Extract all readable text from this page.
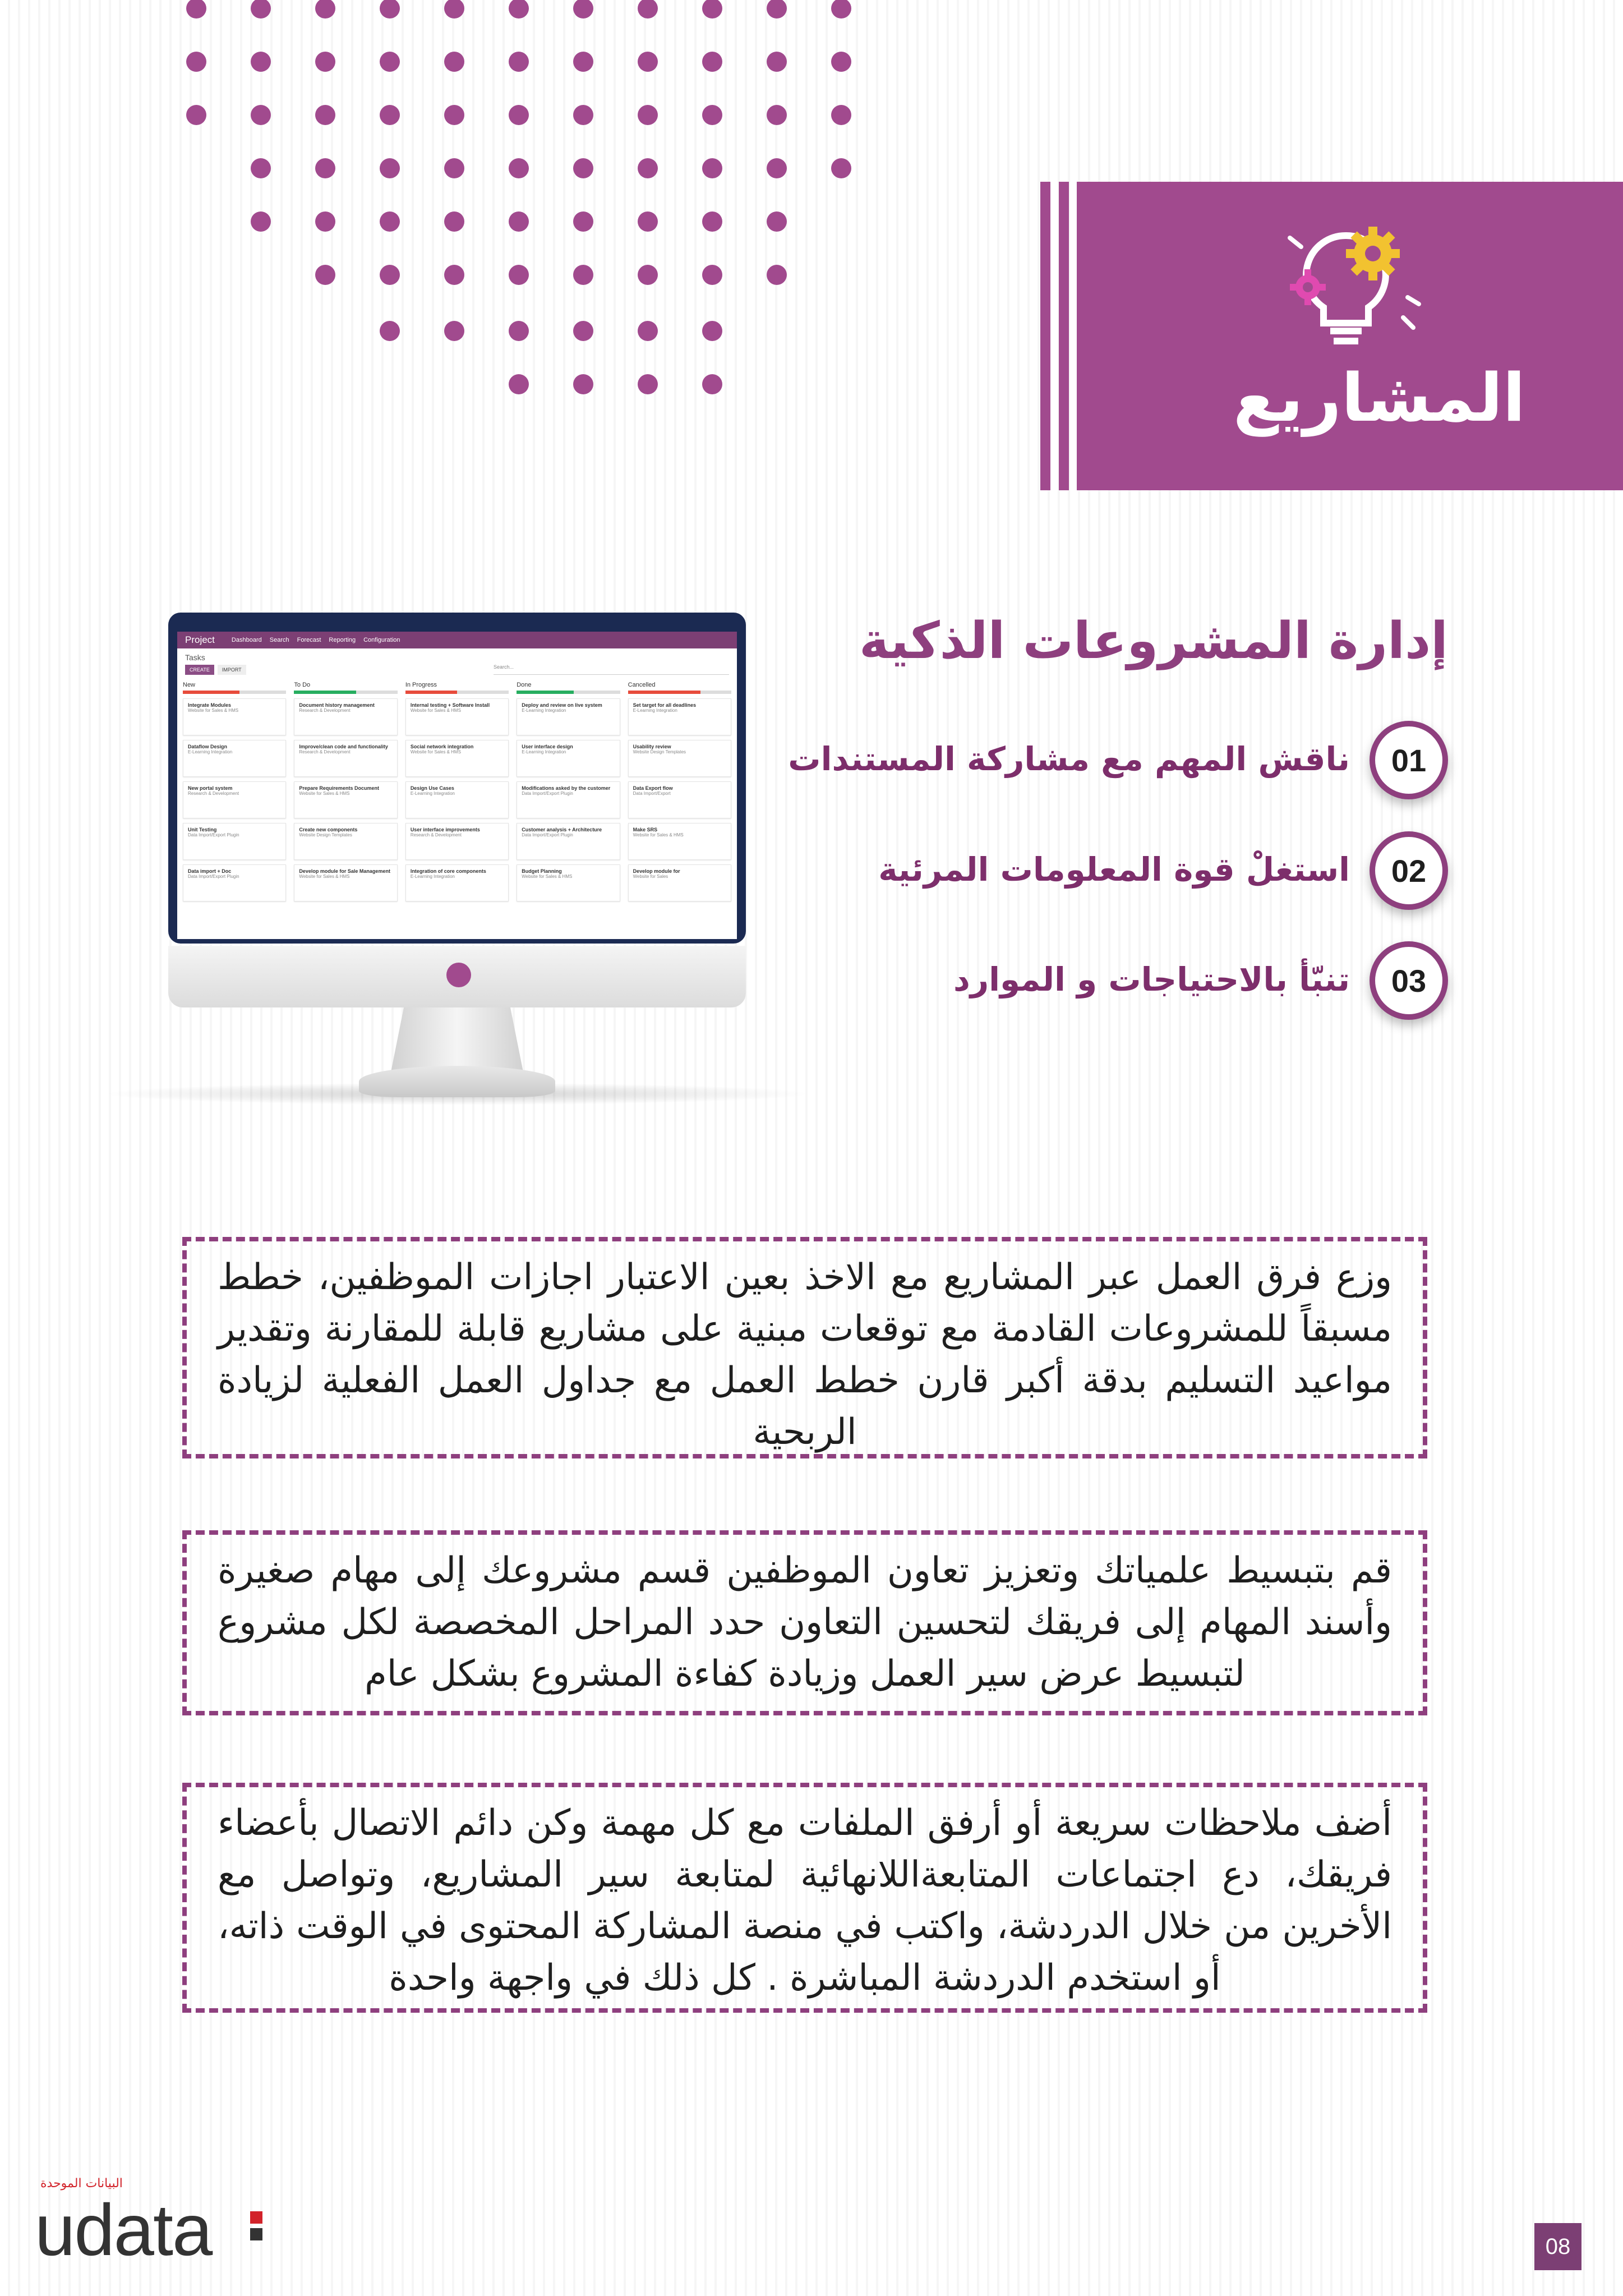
المشاريع
إدارة المشروعات الذكية
01
ناقش المهم مع مشاركة المستندات
02
استغلْ قوة المعلومات المرئية
03
تنبّأ بالاحتياجات و الموارد
Project	Dashboard Search Forecast Reporting Configuration
Tasks
CREATE	IMPORT	Search...
New
Integrate Modules
Website for Sales & HMS
Dataflow Design
E-Learning Integration
New portal system
Research & Development
Unit Testing
Data Import/Export Plugin
Data import + Doc
Data Import/Export Plugin
To Do
Document history management
Research & Development
Improve/clean code and functionality
Research & Development
Prepare Requirements Document
Website for Sales & HMS
Create new components
Website Design Templates
Develop module for Sale Management
Website for Sales & HMS
In Progress
Internal testing + Software Install
Website for Sales & HMS
Social network integration
Website for Sales & HMS
Design Use Cases
E-Learning Integration
User interface improvements
Research & Development
Integration of core components
E-Learning Integration
Done
Deploy and review on live system
E-Learning Integration
User interface design
E-Learning Integration
Modifications asked by the customer
Data Import/Export Plugin
Customer analysis + Architecture
Data Import/Export Plugin
Budget Planning
Website for Sales & HMS
Cancelled
Set target for all deadlines
E-Learning Integration
Usability review
Website Design Templates
Data Export flow
Data Import/Export
Make SRS
Website for Sales & HMS
Develop module for
Website for Sales

وزع فرق العمل عبر المشاريع مع الاخذ بعين الاعتبار اجازات الموظفين، خطط مسبقاً للمشروعات القادمة مع توقعات مبنية على مشاريع قابلة للمقارنة وتقدير مواعيد التسليم بدقة أكبر قارن خطط العمل مع جداول العمل الفعلية لزيادة الربحية

قم بتبسيط علمياتك وتعزيز تعاون الموظفين قسم مشروعك إلى مهام صغيرة وأسند المهام إلى فريقك لتحسين التعاون حدد المراحل المخصصة لكل مشروع لتبسيط عرض سير العمل وزيادة كفاءة المشروع بشكل عام

أضف ملاحظات سريعة أو أرفق الملفات مع كل مهمة وكن دائم الاتصال بأعضاء فريقك، دع اجتماعات المتابعةاللانهائية لمتابعة سير المشاريع، وتواصل مع الأخرين من خلال الدردشة، واكتب في منصة المشاركة المحتوى في الوقت ذاته، أو استخدم الدردشة المباشرة . كل ذلك في واجهة واحدة

البيانات الموحدة
udata	08
